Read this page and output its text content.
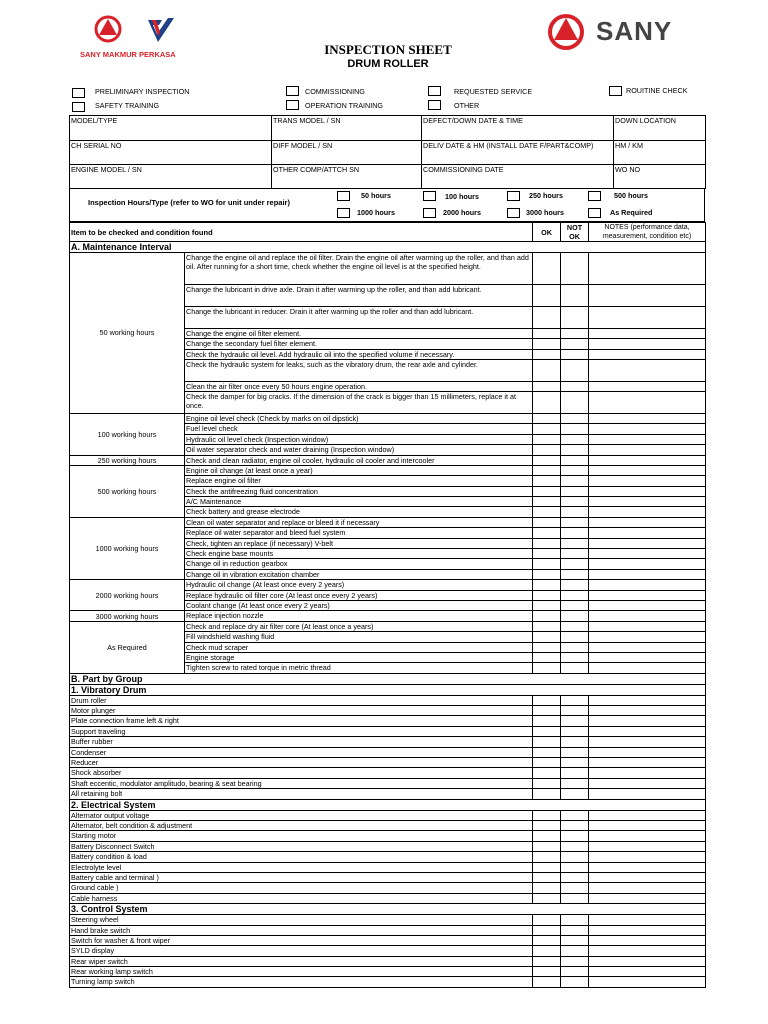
SANY MAKMUR PERKASA
SANY
INSPECTION SHEET
DRUM ROLLER
PRELIMINARY INSPECTION	COMMISSIONING	REQUESTED SERVICE	ROUITINE CHECK
SAFETY TRAINING	OPERATION TRAINING	OTHER
MODEL/TYPE	TRANS MODEL / SN	DEFECT/DOWN DATE & TIME	DOWN LOCATION
CH SERIAL NO	DIFF MODEL / SN	DELIV DATE & HM (INSTALL DATE F/PART&COMP)	HM / KM
ENGINE MODEL / SN	OTHER COMP/ATTCH SN	COMMISSIONING DATE	WO NO
Inspection Hours/Type (refer to WO for unit under repair)
50 hours	100 hours	250 hours	500 hours
1000 hours	2000 hours	3000 hours	As Required
Item to be checked and condition found		OK	NOT OK	NOTES (performance data, measurement, condition etc)
A. Maintenance Interval				
50 working hours	Change the engine oil and replace the oil filter. Drain the engine oil after warming up the roller, and than add oil. After running for a short time, check whether the engine oil level is at the specified height.			
	Change the lubricant in drive axle. Drain it after warming up the roller, and than add lubricant.			
	Change the lubricant in reducer. Drain it after warming up the roller and than add lubricant.			
	Change the engine oil filter element.			
	Change the secondary fuel filter element.			
	Check the hydraulic oil level. Add hydraulic oil into the specified volume if necessary.			
	Check the hydraulic system for leaks, such as the vibratory drum, the rear axle and cylinder.			
	Clean the air filter once every 50 hours engine operation.			
	Check the damper for big cracks. If the dimension of the crack is bigger than 15 millimeters, replace it at once.			
100 working hours	Engine oil level check (Check by marks on oil dipstick)			
	Fuel level check			
	Hydraulic oil level check (Inspection window)			
	Oil water separator check and water draining (Inspection window)			
250 working hours	Check and clean radiator, engine oil cooler, hydraulic oil cooler and intercooler			
500 working hours	Engine oil change (at least once a year)			
	Replace engine oil filter			
	Check the antifreezing fluid concentration			
	A/C Maintenance			
	Check battery and grease electrode			
1000 working hours	Clean oil water separator and replace or bleed it if necessary			
	Replace oil water separator and bleed fuel system			
	Check, tighten an replace (if necessary) V-belt			
	Check engine base mounts			
	Change oil in reduction gearbox			
	Change oil in vibration excitation chamber			
2000 working hours	Hydraulic oil change (At least once every 2 years)			
	Replace hydraulic oil filter core (At least once every 2 years)			
	Coolant change (At least once every 2 years)			
3000 working hours	Replace injection nozzle			
As Required	Check and replace dry air filter core (At least once a years)			
	Fill windshield washing fluid			
	Check mud scraper			
	Engine storage			
	Tighten screw to rated torque in metric thread			
B. Part by Group				
1. Vibratory Drum				
Drum roller				
Motor plunger				
Plate connection frame left & right				
Support traveling				
Buffer rubber				
Condenser				
Reducer				
Shock absorber				
Shaft eccentic, modulator amplitudo, bearing & seat bearing				
All retaining bolt				
2. Electrical System				
Alternator output voltage				
Alternator, belt condition & adjustment				
Starting motor				
Battery Disconnect Switch				
Battery condition & load				
Electrolyte level				
Battery cable and terminal )				
Ground cable )				
Cable harness				
3. Control System				
Steering wheel				
Hand brake switch				
Switch for washer & front wiper				
SYLD display				
Rear wiper switch				
Rear working lamp switch				
Turning lamp switch				
